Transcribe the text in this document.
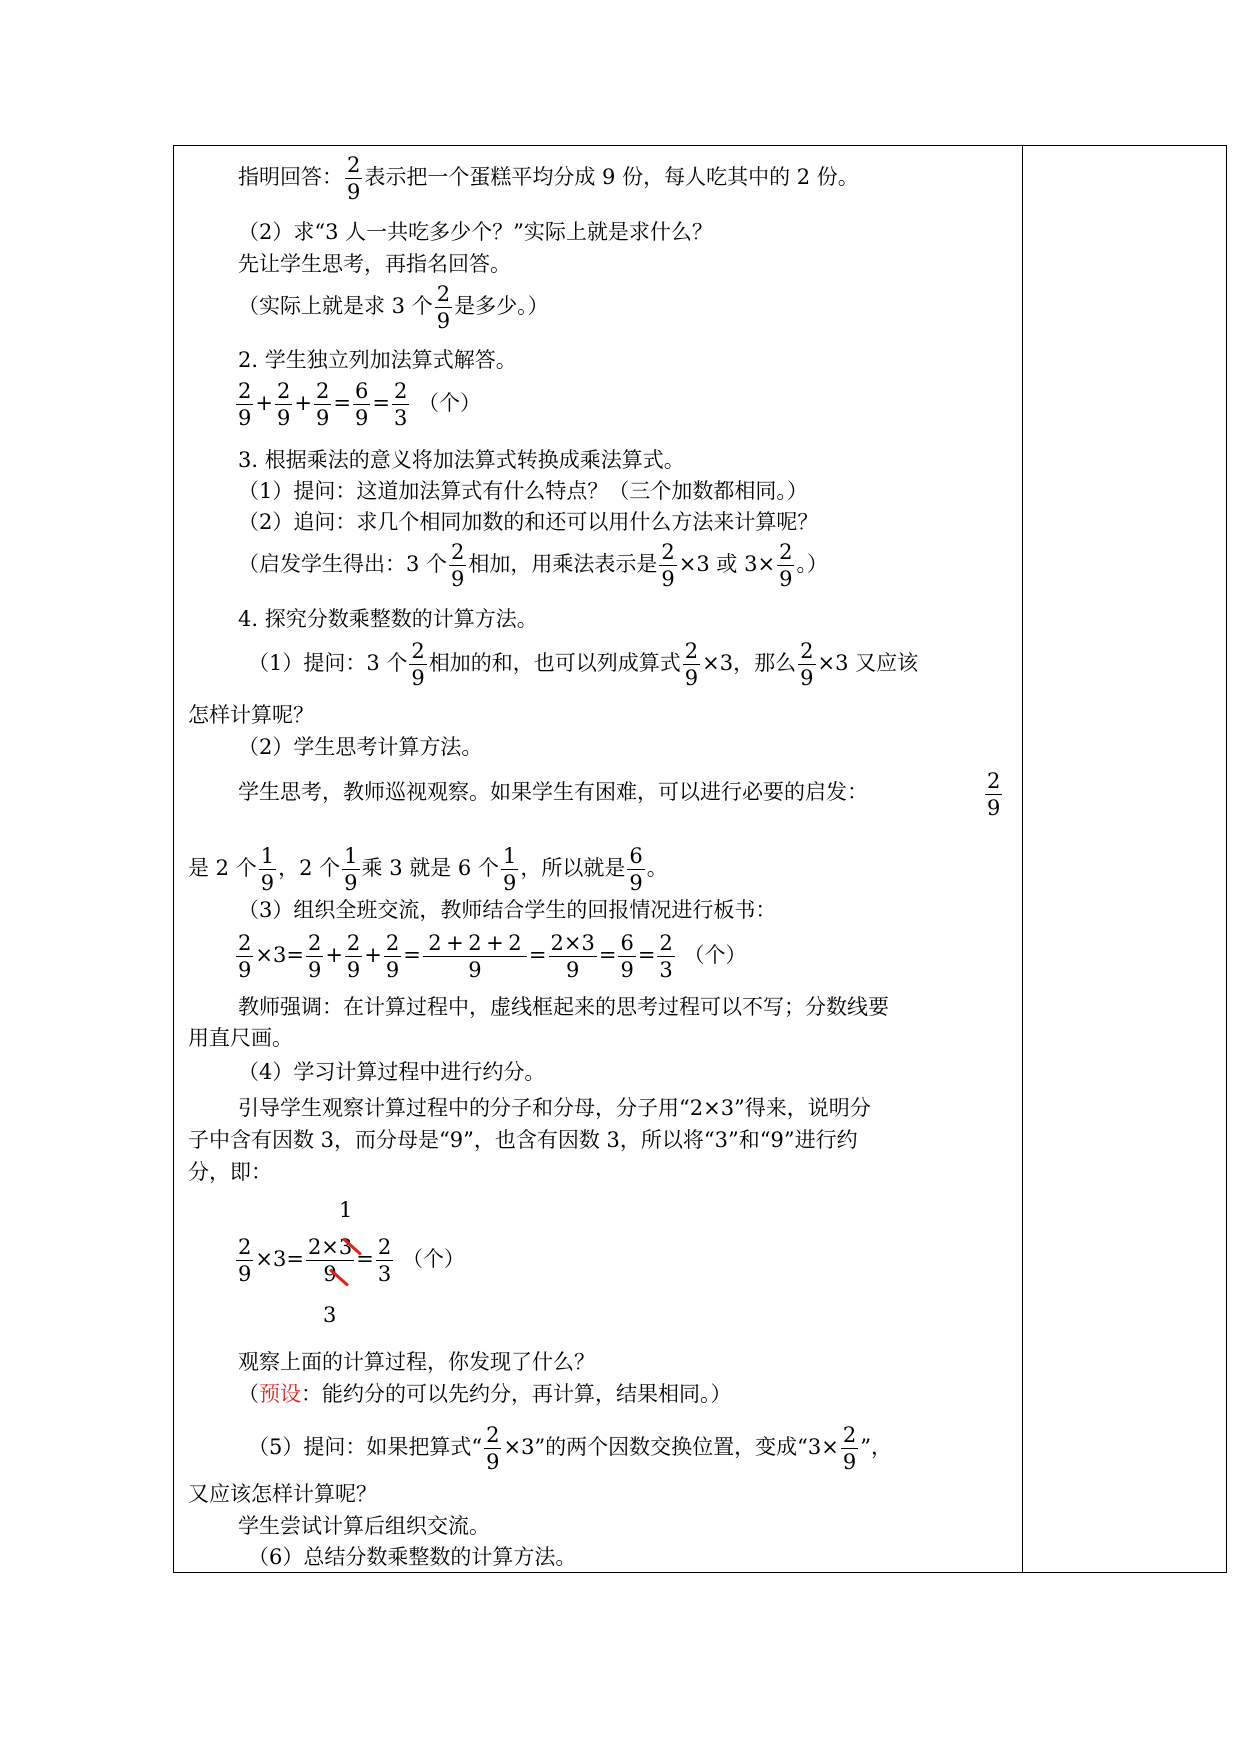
指明回答： $\frac{2}{9}$ 表示把一个蛋糕平均分成 9 份，每人吃其中的 2 份。
（2）求“3 人一共吃多少个？”实际上就是求什么？
先让学生思考，再指名回答。
（实际上就是求 3 个 $\frac{2}{9}$ 是多少。）
2. 学生独立列加法算式解答。
$\frac{2}{9} + \frac{2}{9} + \frac{2}{9} = \frac{6}{9} = \frac{2}{3}$ （个）
3. 根据乘法的意义将加法算式转换成乘法算式。
（1）提问：这道加法算式有什么特点？（三个加数都相同。）
（2）追问：求几个相同加数的和还可以用什么方法来计算呢？
（启发学生得出：3 个 $\frac{2}{9}$ 相加，用乘法表示是 $\frac{2}{9} \times 3$ 或 $3\times \frac{2}{9}$ 。）
4. 探究分数乘整数的计算方法。
（1）提问：3 个 $\frac{2}{9}$ 相加的和，也可以列成算式 $\frac{2}{9} \times 3$，那么 $\frac{2}{9} \times 3$ 又应该
怎样计算呢？
（2）学生思考计算方法。
学生思考，教师巡视观察。如果学生有困难，可以进行必要的启发：	$\frac{2}{9}$
是 2 个 $\frac{1}{9}$ ，2 个 $\frac{1}{9}$ 乘 3 就是 6 个 $\frac{1}{9}$ ，所以就是 $\frac{6}{9}$ 。
（3）组织全班交流，教师结合学生的回报情况进行板书：
$\frac{2}{9} \times 3= \frac{2}{9} + \frac{2}{9} + \frac{2}{9} = \frac{2 + 2 + 2}{9} = \frac{2\times 3}{9} = \frac{6}{9} = \frac{2}{3}$ （个）
教师强调：在计算过程中，虚线框起来的思考过程可以不写；分数线要
用直尺画。
（4）学习计算过程中进行约分。
引导学生观察计算过程中的分子和分母，分子用“2×3”得来，说明分
子中含有因数 3，而分母是“9”，也含有因数 3，所以将“3”和“9”进行约
分，即：
1
$\frac{2}{9} \times 3= \frac{2\times 3}{9} = \frac{2}{3}$ （个）
3
观察上面的计算过程，你发现了什么？
（预设：能约分的可以先约分，再计算，结果相同。）
（5）提问：如果把算式“ $\frac{2}{9} \times 3$”的两个因数交换位置，变成“$3\times \frac{2}{9}$ ”，
又应该怎样计算呢？
学生尝试计算后组织交流。
（6）总结分数乘整数的计算方法。
